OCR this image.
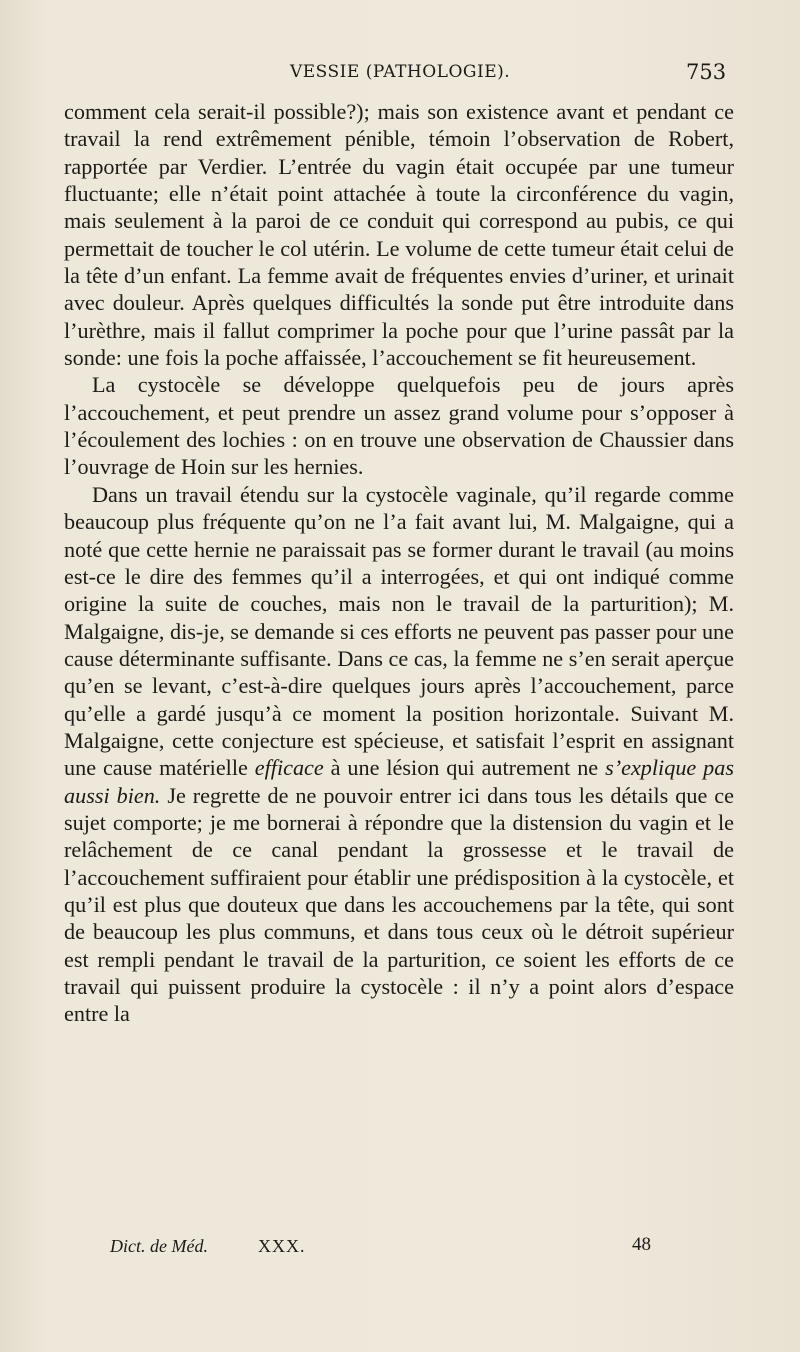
VESSIE (PATHOLOGIE).	753

comment cela serait-il possible?); mais son existence avant et pendant ce travail la rend extrêmement pénible, témoin l’observation de Robert, rapportée par Verdier. L’entrée du vagin était occupée par une tumeur fluctuante; elle n’était point attachée à toute la circonférence du vagin, mais seulement à la paroi de ce conduit qui correspond au pubis, ce qui permettait de toucher le col utérin. Le volume de cette tumeur était celui de la tête d’un enfant. La femme avait de fréquentes envies d’uriner, et urinait avec douleur. Après quelques difficultés la sonde put être introduite dans l’urèthre, mais il fallut comprimer la poche pour que l’urine passât par la sonde: une fois la poche affaissée, l’accouchement se fit heureusement.

La cystocèle se développe quelquefois peu de jours après l’accouchement, et peut prendre un assez grand volume pour s’opposer à l’écoulement des lochies : on en trouve une observation de Chaussier dans l’ouvrage de Hoin sur les hernies.

Dans un travail étendu sur la cystocèle vaginale, qu’il regarde comme beaucoup plus fréquente qu’on ne l’a fait avant lui, M. Malgaigne, qui a noté que cette hernie ne paraissait pas se former durant le travail (au moins est-ce le dire des femmes qu’il a interrogées, et qui ont indiqué comme origine la suite de couches, mais non le travail de la parturition); M. Malgaigne, dis-je, se demande si ces efforts ne peuvent pas passer pour une cause déterminante suffisante. Dans ce cas, la femme ne s’en serait aperçue qu’en se levant, c’est-à-dire quelques jours après l’accouchement, parce qu’elle a gardé jusqu’à ce moment la position horizontale. Suivant M. Malgaigne, cette conjecture est spécieuse, et satisfait l’esprit en assignant une cause matérielle efficace à une lésion qui autrement ne s’explique pas aussi bien. Je regrette de ne pouvoir entrer ici dans tous les détails que ce sujet comporte; je me bornerai à répondre que la distension du vagin et le relâchement de ce canal pendant la grossesse et le travail de l’accouchement suffiraient pour établir une prédisposition à la cystocèle, et qu’il est plus que douteux que dans les accouchemens par la tête, qui sont de beaucoup les plus communs, et dans tous ceux où le détroit supérieur est rempli pendant le travail de la parturition, ce soient les efforts de ce travail qui puissent produire la cystocèle : il n’y a point alors d’espace entre la

Dict. de Méd.	XXX.	48
